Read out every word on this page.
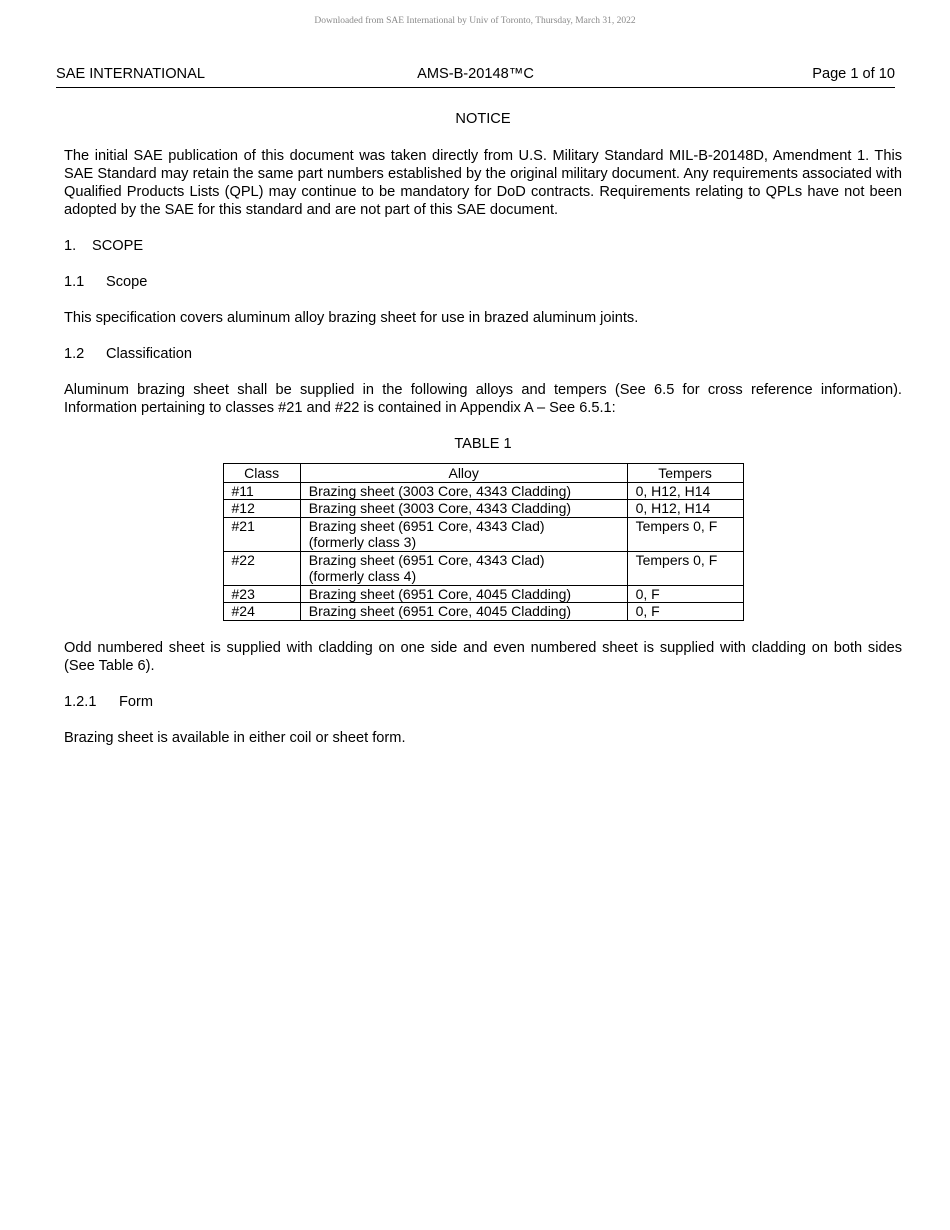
Downloaded from SAE International by Univ of Toronto, Thursday, March 31, 2022
SAE INTERNATIONAL	AMS-B-20148™C	Page 1 of 10

NOTICE

The initial SAE publication of this document was taken directly from U.S. Military Standard MIL-B-20148D, Amendment 1. This SAE Standard may retain the same part numbers established by the original military document. Any requirements associated with Qualified Products Lists (QPL) may continue to be mandatory for DoD contracts. Requirements relating to QPLs have not been adopted by the SAE for this standard and are not part of this SAE document.

1. SCOPE

1.1 Scope

This specification covers aluminum alloy brazing sheet for use in brazed aluminum joints.

1.2 Classification

Aluminum brazing sheet shall be supplied in the following alloys and tempers (See 6.5 for cross reference information). Information pertaining to classes #21 and #22 is contained in Appendix A – See 6.5.1:

TABLE 1

Class	Alloy	Tempers
#11	Brazing sheet (3003 Core, 4343 Cladding)	0, H12, H14
#12	Brazing sheet (3003 Core, 4343 Cladding)	0, H12, H14
#21	Brazing sheet (6951 Core, 4343 Clad)
(formerly class 3)	Tempers 0, F
#22	Brazing sheet (6951 Core, 4343 Clad)
(formerly class 4)	Tempers 0, F
#23	Brazing sheet (6951 Core, 4045 Cladding)	0, F
#24	Brazing sheet (6951 Core, 4045 Cladding)	0, F

Odd numbered sheet is supplied with cladding on one side and even numbered sheet is supplied with cladding on both sides (See Table 6).

1.2.1 Form

Brazing sheet is available in either coil or sheet form.
